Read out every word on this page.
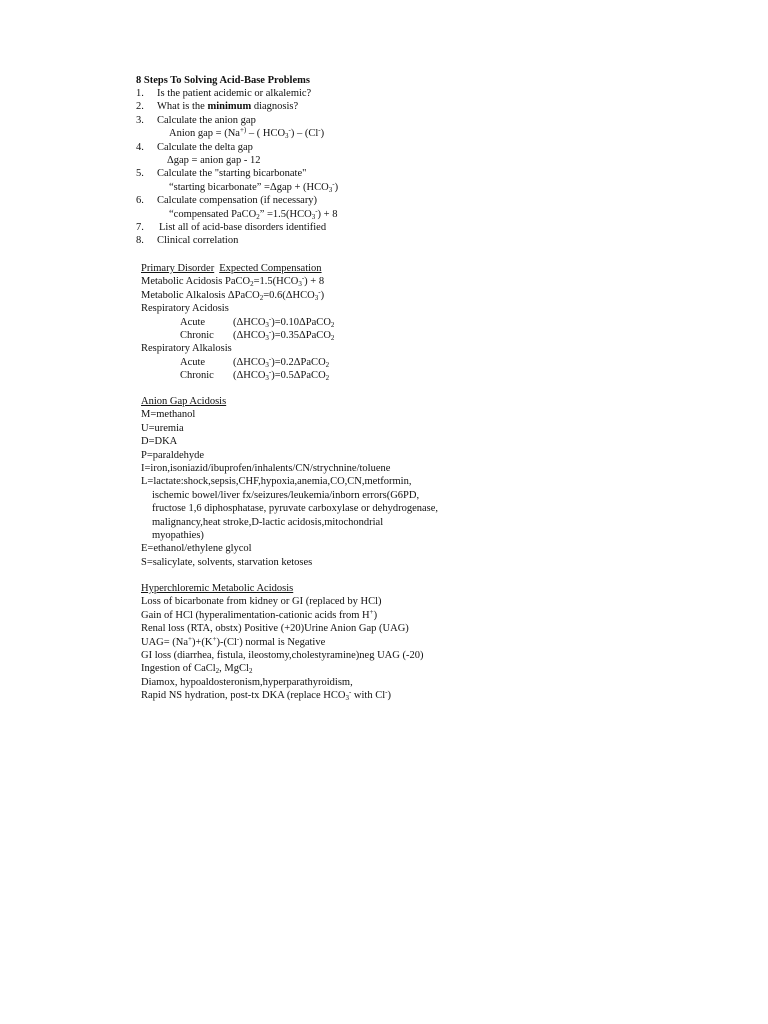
8 Steps To Solving Acid-Base Problems
1. Is the patient acidemic or alkalemic?
2. What is the minimum diagnosis?
3. Calculate the anion gap
Anion gap = (Na+) – ( $HCO_3^-) - (Cl^-)$
4. Calculate the delta gap
Δgap = anion gap - 12
5. Calculate the "starting bicarbonate"
“starting bicarbonate” $=\Delta gap + (HCO_3^-)$
6. Calculate compensation (if necessary)
“compensated PaCO$_2$” $=1.5(HCO_3^-) + 8$
7. List all of acid-base disorders identified
8. Clinical correlation
Primary Disorder Expected Compensation
Metabolic Acidosis $PaCO_2=1.5(HCO_3^-) + 8$
Metabolic Alkalosis $\Delta PaCO_2=0.6(\Delta HCO_3^-)$
Respiratory Acidosis
Acute	$(\Delta HCO_3^-)=0.10\Delta PaCO_2$
Chronic $(\Delta HCO_3^-)=0.35\Delta PaCO_2$
Respiratory Alkalosis
Acute	$(\Delta HCO_3^-)=0.2\Delta PaCO_2$
Chronic $(\Delta HCO_3^-)=0.5\Delta PaCO_2$
Anion Gap Acidosis
M=methanol
U=uremia
D=DKA
P=paraldehyde
I=iron,isoniazid/ibuprofen/inhalents/CN/strychnine/toluene
L=lactate:shock,sepsis,CHF,hypoxia,anemia,CO,CN,metformin,
ischemic bowel/liver fx/seizures/leukemia/inborn errors(G6PD,
fructose 1,6 diphosphatase, pyruvate carboxylase or dehydrogenase,
malignancy,heat stroke,D-lactic acidosis,mitochondrial
myopathies)
E=ethanol/ethylene glycol
S=salicylate, solvents, starvation ketoses
Hyperchloremic Metabolic Acidosis
Loss of bicarbonate from kidney or GI (replaced by HCl)
Gain of HCl (hyperalimentation-cationic acids from H+)
Renal loss (RTA, obstx) Positive (+20)Urine Anion Gap (UAG)
UAG= (Na+)+(K+)-(Cl-) normal is Negative
GI loss (diarrhea, fistula, ileostomy,cholestyramine)neg UAG (-20)
Ingestion of CaCl$_2$, MgCl$_2$
Diamox, hypoaldosteronism,hyperparathyroidism,
Rapid NS hydration, post-tx DKA (replace $HCO_3^-$ with Cl-)
